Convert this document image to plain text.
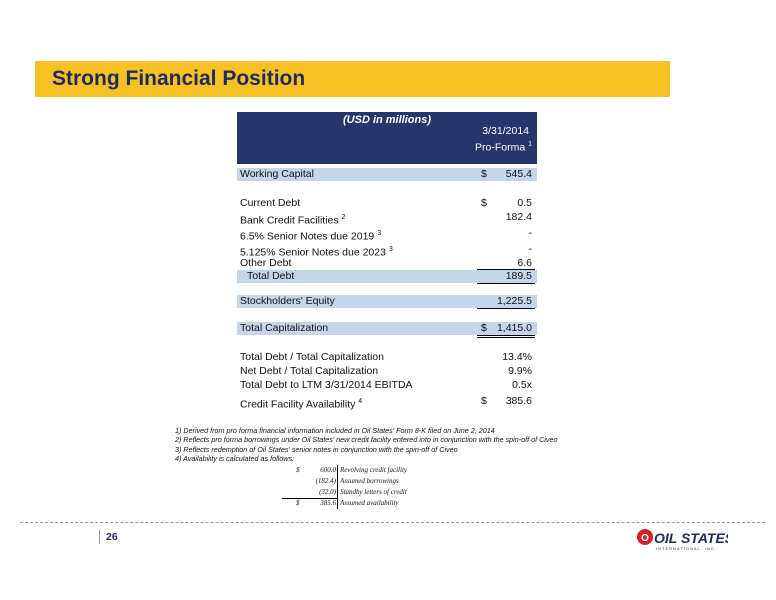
Strong Financial Position
(USD in millions)
3/31/2014
Pro-Forma $^1$
Working Capital	$ 545.4
Current Debt	$	0.5
Bank Credit Facilities $^2$	182.4
6.5% Senior Notes due 2019 $^3$	-
5.125% Senior Notes due 2023 $^3$	-
Other Debt	6.6
Total Debt	189.5
Stockholders' Equity	1,225.5
Total Capitalization	$ 1,415.0
Total Debt / Total Capitalization	13.4%
Net Debt / Total Capitalization	9.9%
Total Debt to LTM 3/31/2014 EBITDA	0.5x
Credit Facility Availability $^4$	$ 385.6
1) Derived from pro forma financial information included in Oil States' Form 8-K filed on June 2, 2014
2) Reflects pro forma borrowings under Oil States' new credit facility entered into in conjunction with the spin-off of Civeo
3) Reflects redemption of Oil States' senior notes in conjunction with the spin-off of Civeo
4) Availability is calculated as follows:
$	600.0 Revolving credit facility
(182.4) Assumed borrowings
(32.0) Standby letters of credit
$	385.6 Assumed availability
26	O OIL STATES
INTERNATIONAL, INC.
